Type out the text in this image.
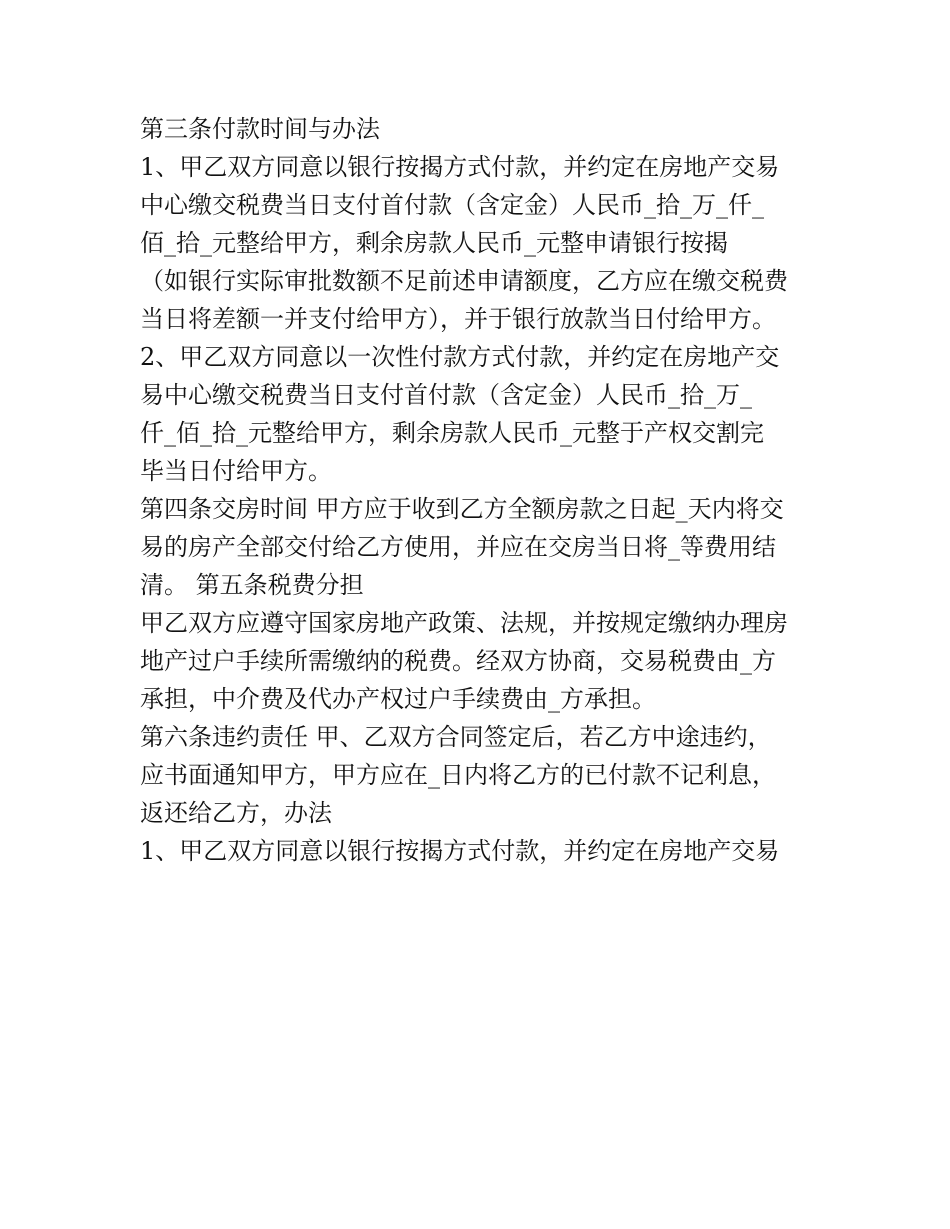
第三条付款时间与办法

1、甲乙双方同意以银行按揭方式付款，并约定在房地产交易

中心缴交税费当日支付首付款（含定金）人民币_拾_万_仟_

佰_拾_元整给甲方，剩余房款人民币_元整申请银行按揭

（如银行实际审批数额不足前述申请额度，乙方应在缴交税费

当日将差额一并支付给甲方），并于银行放款当日付给甲方。

2、甲乙双方同意以一次性付款方式付款，并约定在房地产交

易中心缴交税费当日支付首付款（含定金）人民币_拾_万_

仟_佰_拾_元整给甲方，剩余房款人民币_元整于产权交割完

毕当日付给甲方。

第四条交房时间 甲方应于收到乙方全额房款之日起_天内将交

易的房产全部交付给乙方使用，并应在交房当日将_等费用结

清。 第五条税费分担

甲乙双方应遵守国家房地产政策、法规，并按规定缴纳办理房

地产过户手续所需缴纳的税费。经双方协商，交易税费由_方

承担，中介费及代办产权过户手续费由_方承担。

第六条违约责任 甲、乙双方合同签定后，若乙方中途违约，

应书面通知甲方，甲方应在_日内将乙方的已付款不记利息，

返还给乙方，办法

1、甲乙双方同意以银行按揭方式付款，并约定在房地产交易
